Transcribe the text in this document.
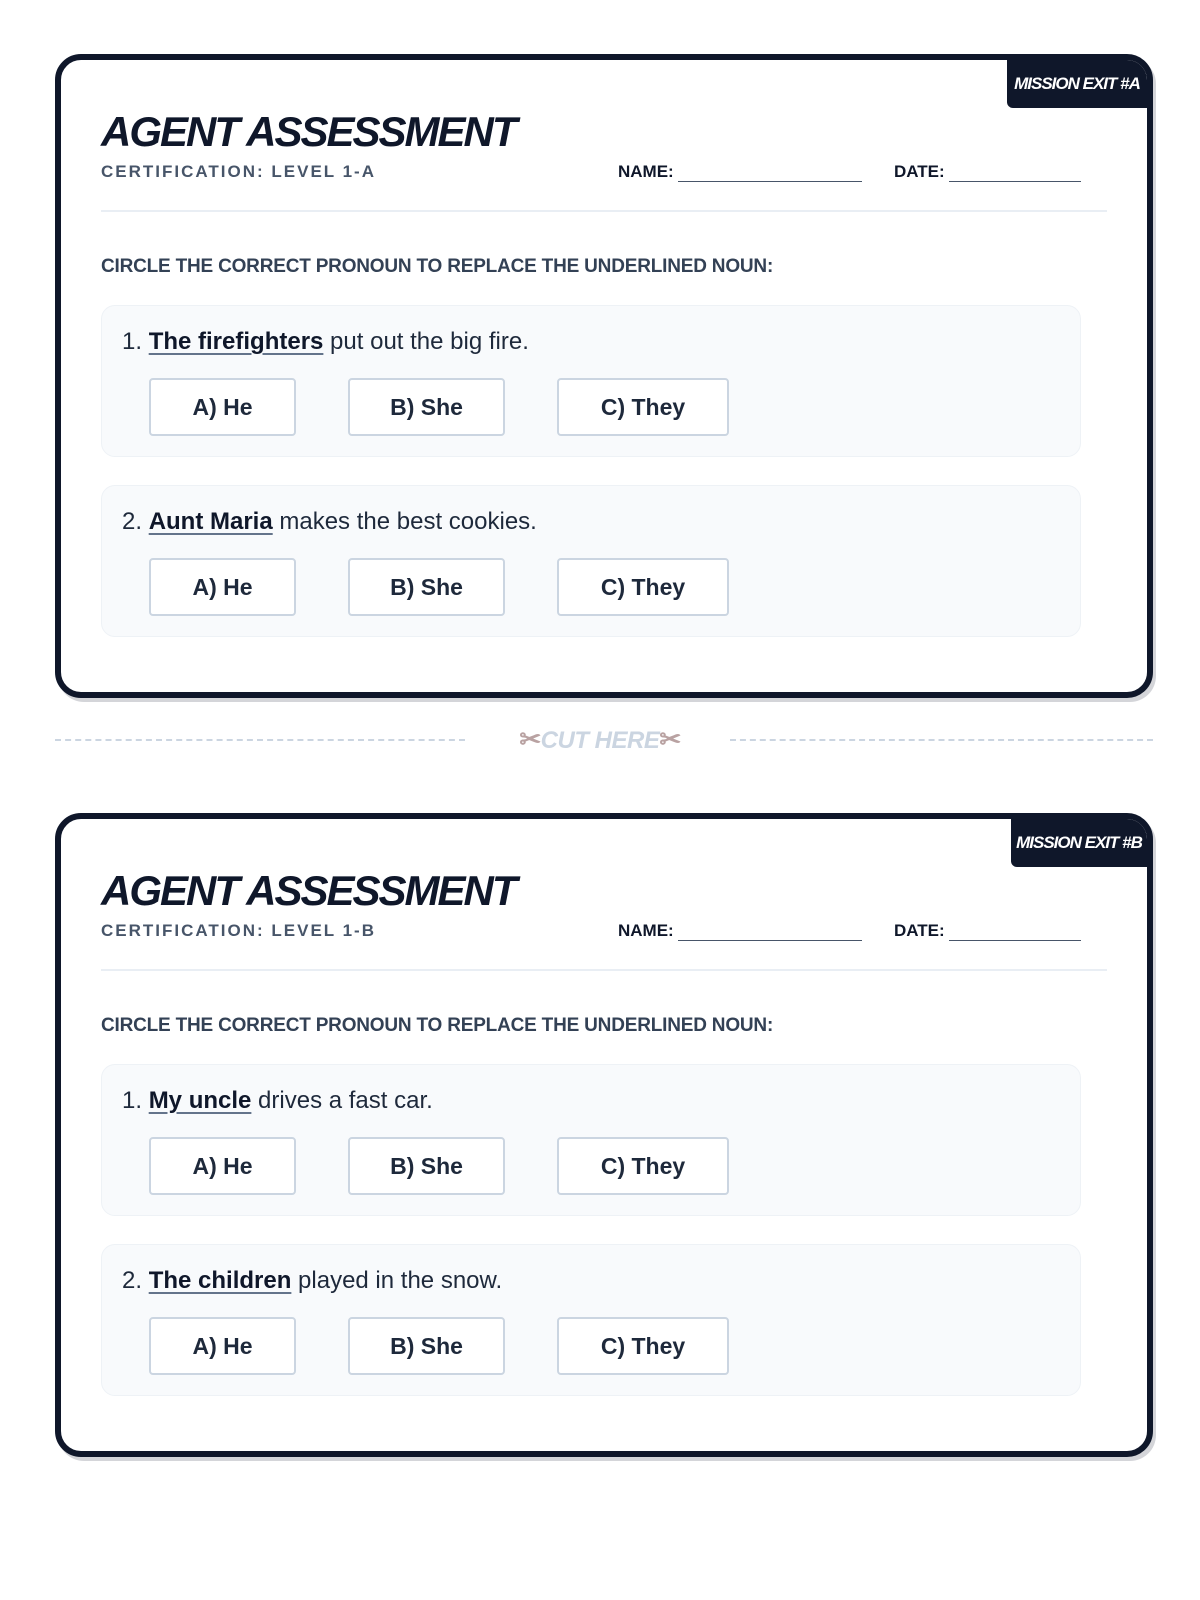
MISSION EXIT #A
AGENT ASSESSMENT
CERTIFICATION: LEVEL 1-A	NAME:	DATE:
CIRCLE THE CORRECT PRONOUN TO REPLACE THE UNDERLINED NOUN:
1. The firefighters put out the big fire.
A) He	B) She	C) They
2. Aunt Maria makes the best cookies.
A) He	B) She	C) They
✂CUT HERE✂
MISSION EXIT #B
AGENT ASSESSMENT
CERTIFICATION: LEVEL 1-B	NAME:	DATE:
CIRCLE THE CORRECT PRONOUN TO REPLACE THE UNDERLINED NOUN:
1. My uncle drives a fast car.
A) He	B) She	C) They
2. The children played in the snow.
A) He	B) She	C) They
